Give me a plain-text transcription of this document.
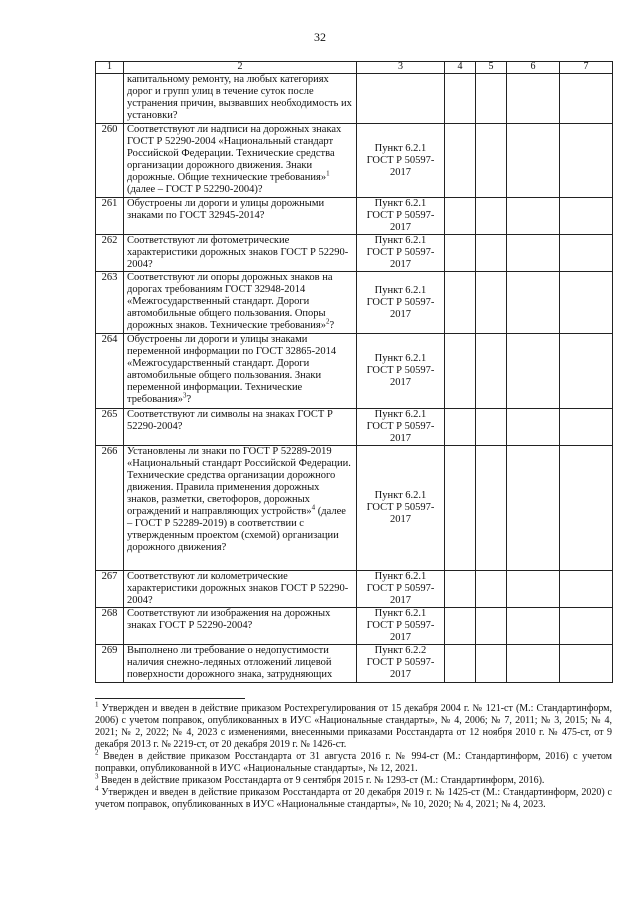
32
1	2	3	4	5	6	7
	капитальному ремонту, на любых категориях дорог и групп улиц в течение суток после устранения причин, вызвавших необходимость их установки?					
260	Соответствуют ли надписи на дорожных знаках ГОСТ Р 52290-2004 «Национальный стандарт Российской Федерации. Технические средства организации дорожного движения. Знаки дорожные. Общие технические требования»$^1$ (далее – ГОСТ Р 52290-2004)?	Пункт 6.2.1 ГОСТ Р 50597-2017				
261	Обустроены ли дороги и улицы дорожными знаками по ГОСТ 32945-2014?	Пункт 6.2.1 ГОСТ Р 50597-2017				
262	Соответствуют ли фотометрические характеристики дорожных знаков ГОСТ Р 52290-2004?	Пункт 6.2.1 ГОСТ Р 50597-2017				
263	Соответствуют ли опоры дорожных знаков на дорогах требованиям ГОСТ 32948-2014 «Межгосударственный стандарт. Дороги автомобильные общего пользования. Опоры дорожных знаков. Технические требования»$^2$?	Пункт 6.2.1 ГОСТ Р 50597-2017				
264	Обустроены ли дороги и улицы знаками переменной информации по ГОСТ 32865-2014 «Межгосударственный стандарт. Дороги автомобильные общего пользования. Знаки переменной информации. Технические требования»$^3$?	Пункт 6.2.1 ГОСТ Р 50597-2017				
265	Соответствуют ли символы на знаках ГОСТ Р 52290-2004?	Пункт 6.2.1 ГОСТ Р 50597-2017				
266	Установлены ли знаки по ГОСТ Р 52289-2019 «Национальный стандарт Российской Федерации. Технические средства организации дорожного движения. Правила применения дорожных знаков, разметки, светофоров, дорожных ограждений и направляющих устройств»$^4$ (далее – ГОСТ Р 52289-2019) в соответствии с утвержденным проектом (схемой) организации дорожного движения?	Пункт 6.2.1 ГОСТ Р 50597-2017				
267	Соответствуют ли колометрические характеристики дорожных знаков ГОСТ Р 52290-2004?	Пункт 6.2.1 ГОСТ Р 50597-2017				
268	Соответствуют ли изображения на дорожных знаках ГОСТ Р 52290-2004?	Пункт 6.2.1 ГОСТ Р 50597-2017				
269	Выполнено ли требование о недопустимости наличия снежно-ледяных отложений лицевой поверхности дорожного знака, затрудняющих	Пункт 6.2.2 ГОСТ Р 50597-2017				

$^1$ Утвержден и введен в действие приказом Ростехрегулирования от 15 декабря 2004 г. № 121-ст (М.: Стандартинформ, 2006) с учетом поправок, опубликованных в ИУС «Национальные стандарты», № 4, 2006; № 7, 2011; № 3, 2015; № 4, 2021; № 2, 2022; № 4, 2023 с изменениями, внесенными приказами Росстандарта от 12 ноября 2010 г. № 475-ст, от 9 декабря 2013 г. № 2219-ст, от 20 декабря 2019 г. № 1426-ст.

$^2$ Введен в действие приказом Росстандарта от 31 августа 2016 г. № 994-ст (М.: Стандартинформ, 2016) с учетом поправки, опубликованной в ИУС «Национальные стандарты», № 12, 2021.

$^3$ Введен в действие приказом Росстандарта от 9 сентября 2015 г. № 1293-ст (М.: Стандартинформ, 2016).

$^4$ Утвержден и введен в действие приказом Росстандарта от 20 декабря 2019 г. № 1425-ст (М.: Стандартинформ, 2020) с учетом поправок, опубликованных в ИУС «Национальные стандарты», № 10, 2020; № 4, 2021; № 4, 2023.
